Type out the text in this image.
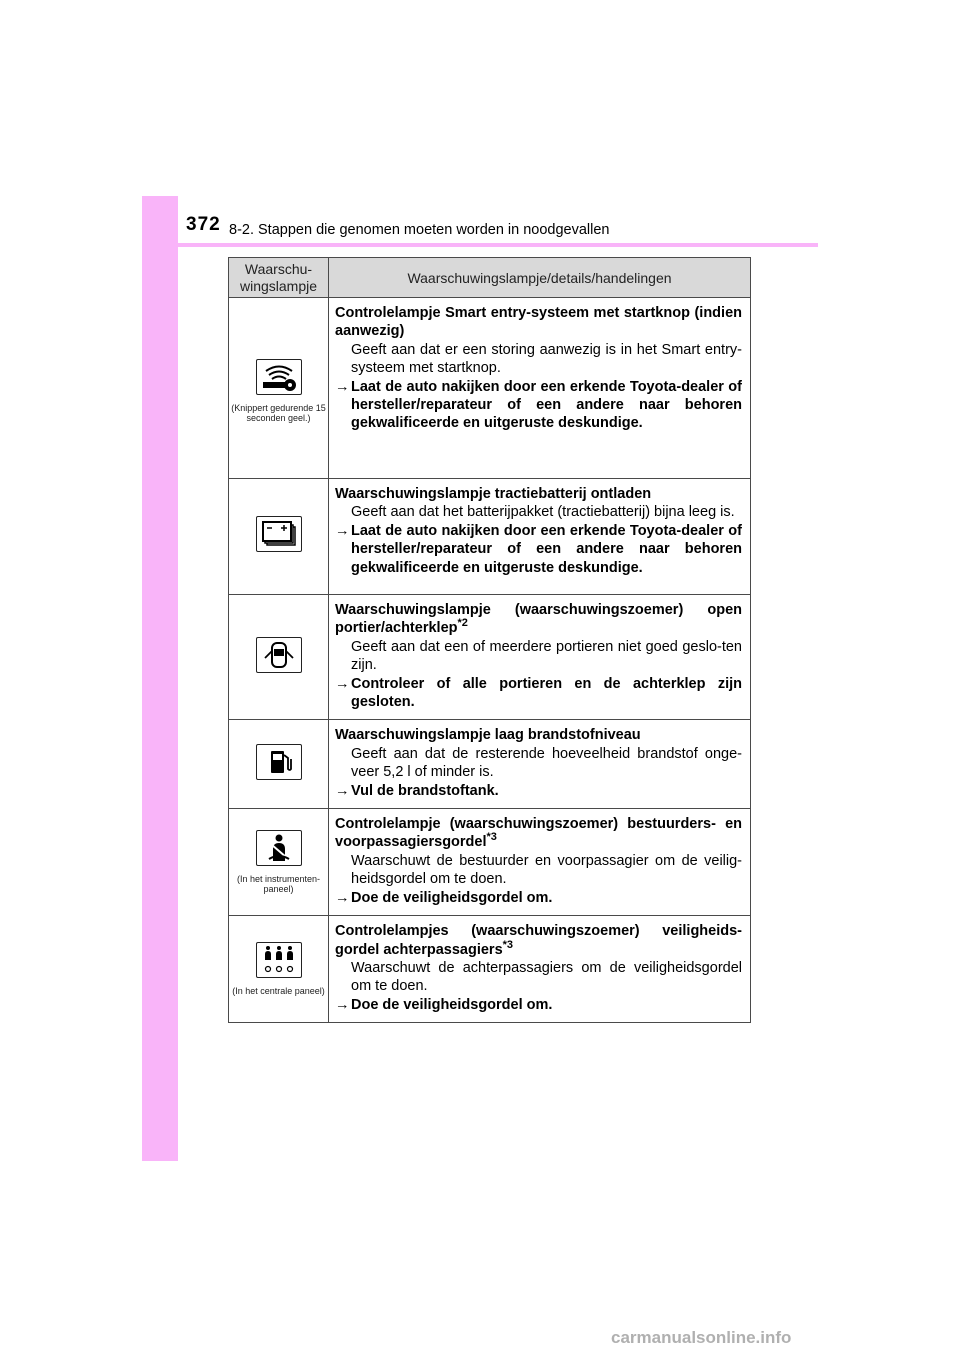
372 8-2. Stappen die genomen moeten worden in noodgevallen
Waarschu-
wingslampje	Waarschuwingslampje/details/handelingen

(Knippert gedurende 15 seconden geel.)	Controlelampje Smart entry-systeem met startknop (indien aanwezig)
Geeft aan dat er een storing aanwezig is in het Smart entry-systeem met startknop.
→ Laat de auto nakijken door een erkende Toyota-dealer of hersteller/reparateur of een andere naar behoren gekwalificeerde en uitgeruste deskundige.

Waarschuwingslampje tractiebatterij ontladen
Geeft aan dat het batterijpakket (tractiebatterij) bijna leeg is.
→ Laat de auto nakijken door een erkende Toyota-dealer of hersteller/reparateur of een andere naar behoren gekwalificeerde en uitgeruste deskundige.

Waarschuwingslampje (waarschuwingszoemer) open portier/achterklep$^{*2}$
Geeft aan dat een of meerdere portieren niet goed geslo-ten zijn.
→ Controleer of alle portieren en de achterklep zijn gesloten.

Waarschuwingslampje laag brandstofniveau
Geeft aan dat de resterende hoeveelheid brandstof onge-veer 5,2 l of minder is.
→ Vul de brandstoftank.

(In het instrumenten-paneel)	Controlelampje (waarschuwingszoemer) bestuurders- en voorpassagiersgordel$^{*3}$
Waarschuwt de bestuurder en voorpassagier om de veilig-heidsgordel om te doen.
→ Doe de veiligheidsgordel om.

(In het centrale paneel)	Controlelampjes (waarschuwingszoemer) veiligheids-gordel achterpassagiers$^{*3}$
Waarschuwt de achterpassagiers om de veiligheidsgordel om te doen.
→ Doe de veiligheidsgordel om.
carmanualsonline.info
